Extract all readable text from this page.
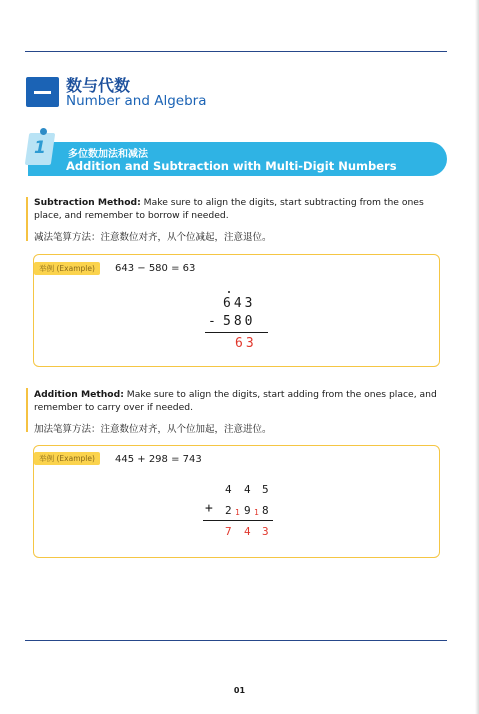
数与代数
Number and Algebra
1 多位数加法和减法
Addition and Subtraction with Multi-Digit Numbers
Subtraction Method: Make sure to align the digits, start subtracting from the ones place, and remember to borrow if needed.
减法笔算方法：注意数位对齐，从个位减起，注意退位。
举例 (Example)	643 − 580 = 63
643
- 580
63
Addition Method: Make sure to align the digits, start adding from the ones place, and remember to carry over if needed.
加法笔算方法：注意数位对齐，从个位加起，注意进位。
举例 (Example)	445 + 298 = 743
4 4 5
+ 2 1 9 1 8
7 4 3
01
